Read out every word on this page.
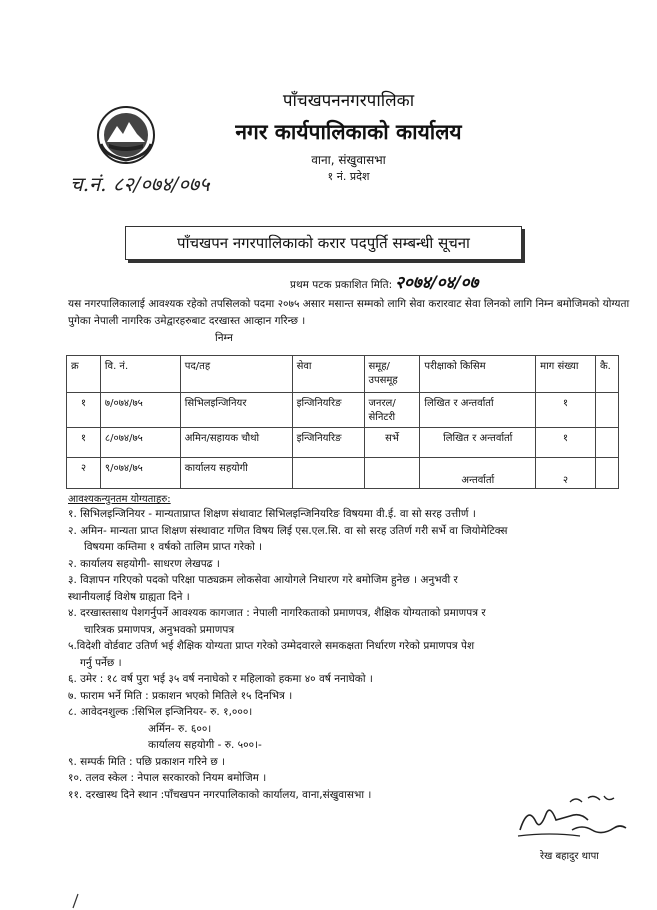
पाँचखपननगरपालिका
नगर कार्यपालिकाको कार्यालय
वाना, संखुवासभा
१ नं. प्रदेश
च.नं. ८२/०७४/०७५
पाँचखपन नगरपालिकाको करार पदपुर्ति सम्बन्धी सूचना
प्रथम पटक प्रकाशित मिति: २०७४/०४/०७
यस नगरपालिकालाई आवश्यक रहेको तपसिलको पदमा २०७५ असार मसान्त सम्मको लागि सेवा करारवाट सेवा लिनको लागि निम्न बमोजिमको योग्यता पुगेका नेपाली नागरिक उमेद्वारहरुबाट दरखास्त आव्हान गरिन्छ ।
निम्न
क्र	वि. नं.	पद/तह	सेवा	समूह/उपसमूह	परीक्षाको किसिम	माग संख्या	कै.
१	७/०७४/७५	सिभिलइन्जिनियर	इन्जिनियरिङ	जनरल/सेनिटरी	लिखित र अन्तर्वार्ता	१	
१	८/०७४/७५	अमिन/सहायक चौथो	इन्जिनियरिङ	सर्भे	लिखित र अन्तर्वार्ता	१	
२	९/०७४/७५	कार्यालय सहयोगी			अन्तर्वार्ता	२	
आवश्यकन्युनतम योग्यताहरु:
१. सिभिलइन्जिनियर - मान्यताप्राप्त शिक्षण संथावाट सिभिलइन्जिनियरिङ विषयमा वी.ई. वा सो सरह उत्तीर्ण ।
२. अमिन- मान्यता प्राप्त शिक्षण संस्थावाट गणित विषय लिई एस.एल.सि. वा सो सरह उतिर्ण गरी सर्भे वा जियोमेटिक्स
विषयमा कम्तिमा १ वर्षको तालिम प्राप्त गरेको ।
२. कार्यालय सहयोगी- साधरण लेखपढ ।
३. विज्ञापन गरिएको पदको परिक्षा पाठ्यक्रम लोकसेवा आयोगले निधारण गरे बमोजिम हुनेछ । अनुभवी र
स्थानीयलाई विशेष ग्राह्यता दिने ।
४. दरखास्तसाथ पेशगर्नुपर्ने आवश्यक कागजात : नेपाली नागरिकताको प्रमाणपत्र, शैक्षिक योग्यताको प्रमाणपत्र र
चारित्रक प्रमाणपत्र, अनुभवको प्रमाणपत्र
५.विदेशी वोर्डवाट उतिर्ण भई शैक्षिक योग्यता प्राप्त गरेको उम्मेदवारले समकक्षता निर्धारण गरेको प्रमाणपत्र पेश
गर्नु पर्नेछ ।
६. उमेर : १८ वर्ष पुरा भई ३५ वर्ष ननाघेको र महिलाको हकमा ४० वर्ष ननाघेको ।
७. फाराम भर्ने मिति : प्रकाशन भएको मितिले १५ दिनभित्र ।
८. आवेदनशुल्क :सिभिल इन्जिनियर- रु. १,०००।
अर्मिन- रु. ६००।
कार्यालय सहयोगी - रु. ५००।-
९. सम्पर्क मिति : पछि प्रकाशन गरिने छ ।
१०. तलव स्केल : नेपाल सरकारको नियम बमोजिम ।
११. दरखास्थ दिने स्थान :पाँचखपन नगरपालिकाको कार्यालय, वाना,संखुवासभा ।
रेख बहादुर थापा
